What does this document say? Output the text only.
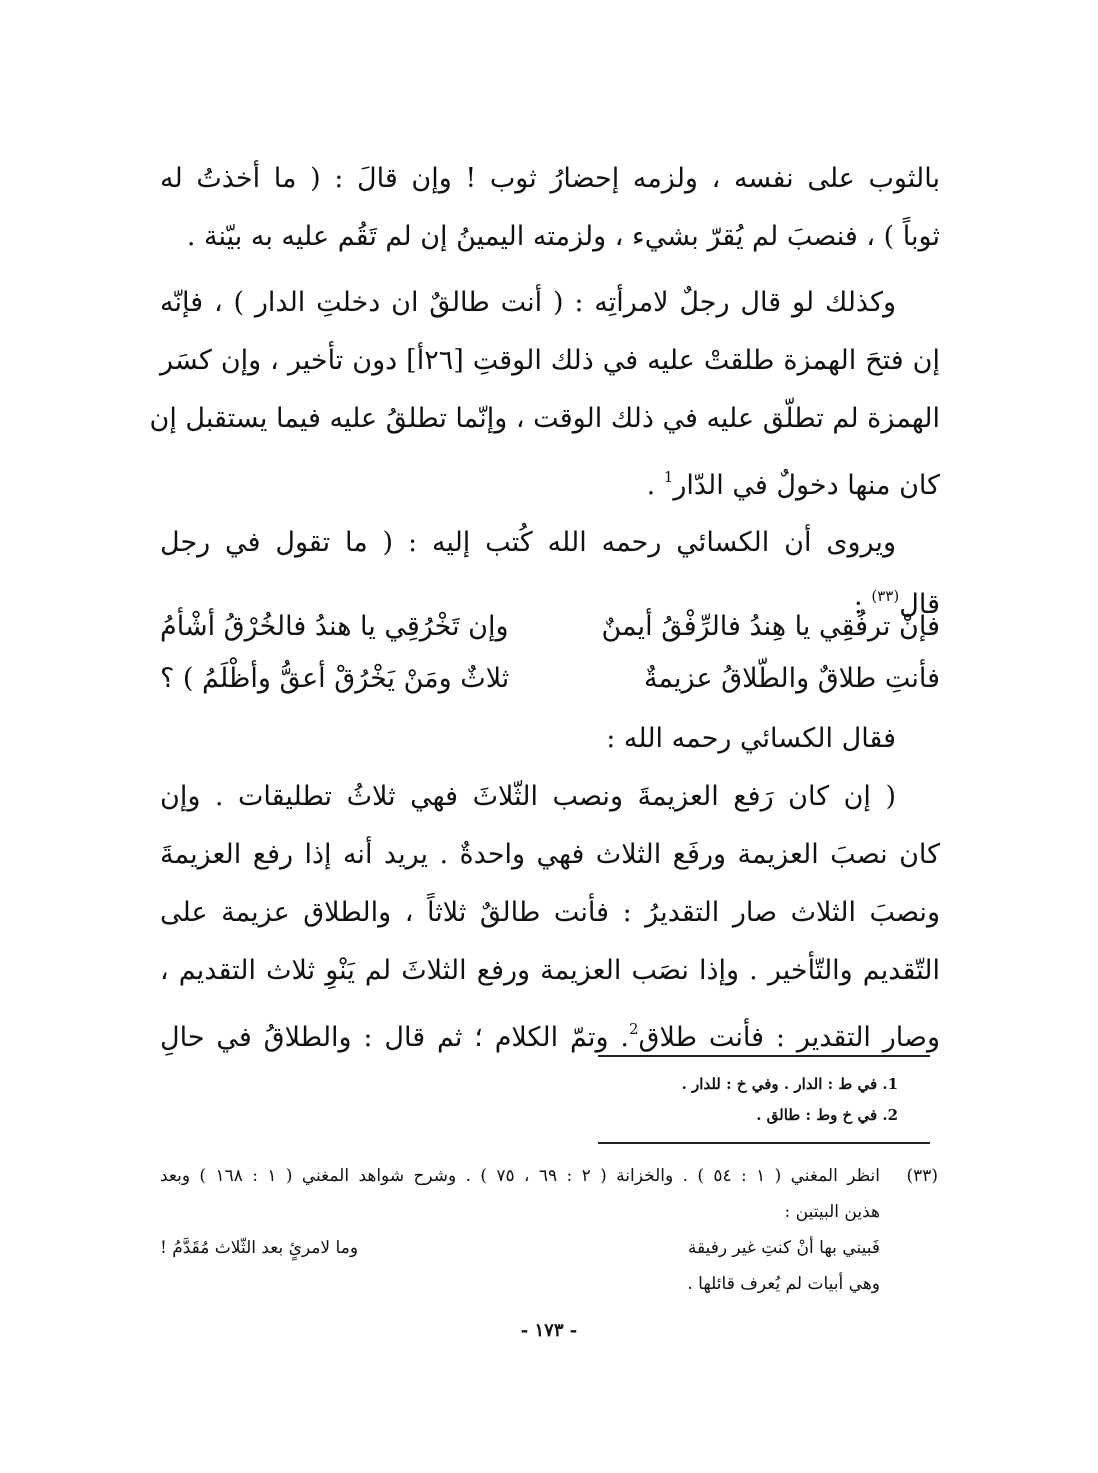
بالثوب على نفسه ، ولزمه إحضارُ ثوب ! وإن قالَ : ( ما أخذتُ له
ثوباً ) ، فنصبَ لم يُقرّ بشيء ، ولزمته اليمينُ إن لم تَقُم عليه به بيّنة .
وكذلك لو قال رجلٌ لامرأتِه : ( أنت طالقٌ ان دخلتِ الدار ) ، فإنّه
إن فتحَ الهمزة طلقتْ عليه في ذلك الوقتِ [٢٦أ] دون تأخير ، وإن كسَر
الهمزة لم تطلّق عليه في ذلك الوقت ، وإنّما تطلقُ عليه فيما يستقبل إن
كان منها دخولٌ في الدّار$^1$ .
ويروى أن الكسائي رحمه الله كُتب إليه : ( ما تقول في رجل
قال$^{(٣٣)}$ :
فإنْ ترفُقِي يا هِندُ فالرِّفْقُ أيمنٌ
وإن تَخْرُقِي يا هندُ فالخُرْقُ أشْأمُ
فأنتِ طلاقٌ والطّلاقُ عزيمةٌ
ثلاثٌ ومَنْ يَخْرُقْ أعقُّ وأظْلَمُ ) ؟
فقال الكسائي رحمه الله :
( إن كان رَفع العزيمةَ ونصب الثّلاثَ فهي ثلاثُ تطليقات . وإن
كان نصبَ العزيمة ورفَع الثلاث فهي واحدةٌ . يريد أنه إذا رفع العزيمةَ
ونصبَ الثلاث صار التقديرُ : فأنت طالقٌ ثلاثاً ، والطلاق عزيمة على
التّقديم والتّأخير . وإذا نصَب العزيمة ورفع الثلاثَ لم يَنْوِ ثلاث التقديم ،
وصار التقدير : فأنت طلاق$^2$. وتمّ الكلام ؛ ثم قال : والطلاقُ في حالِ
1. في ط : الدار . وفي خ : للدار .
2. في خ وط : طالق .
(٣٣)
انظر المغني ( ١ : ٥٤ ) . والخزانة ( ٢ : ٦٩ ، ٧٥ ) . وشرح شواهد المغني ( ١ : ١٦٨ ) وبعد
هذين البيتين :
فَبيني بها أنْ كنتِ غير رفيقة
وما لامرئٍ بعد الثّلاث مُقَدَّمُ !
وهي أبيات لم يُعرف قائلها .
- ١٧٣ -
